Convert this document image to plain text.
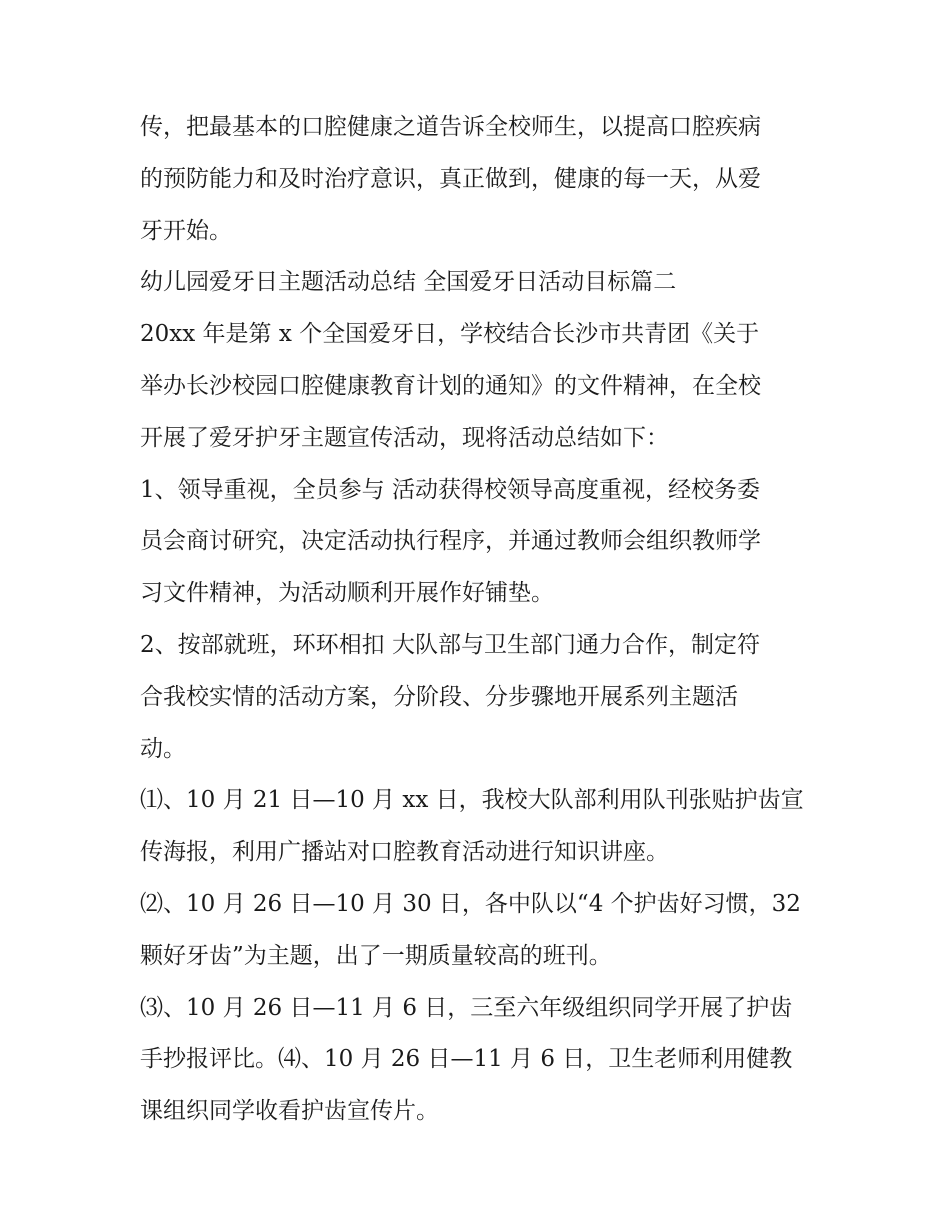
传，把最基本的口腔健康之道告诉全校师生，以提高口腔疾病
的预防能力和及时治疗意识，真正做到，健康的每一天，从爱
牙开始。
幼儿园爱牙日主题活动总结 全国爱牙日活动目标篇二
20xx 年是第 x 个全国爱牙日，学校结合长沙市共青团《关于
举办长沙校园口腔健康教育计划的通知》的文件精神，在全校
开展了爱牙护牙主题宣传活动，现将活动总结如下：
1、领导重视，全员参与 活动获得校领导高度重视，经校务委
员会商讨研究，决定活动执行程序，并通过教师会组织教师学
习文件精神，为活动顺利开展作好铺垫。
2、按部就班，环环相扣 大队部与卫生部门通力合作，制定符
合我校实情的活动方案，分阶段、分步骤地开展系列主题活
动。
⑴、10 月 21 日—10 月 xx 日，我校大队部利用队刊张贴护齿宣
传海报，利用广播站对口腔教育活动进行知识讲座。
⑵、10 月 26 日—10 月 30 日，各中队以“4 个护齿好习惯，32
颗好牙齿”为主题，出了一期质量较高的班刊。
⑶、10 月 26 日—11 月 6 日，三至六年级组织同学开展了护齿
手抄报评比。⑷、10 月 26 日—11 月 6 日，卫生老师利用健教
课组织同学收看护齿宣传片。
